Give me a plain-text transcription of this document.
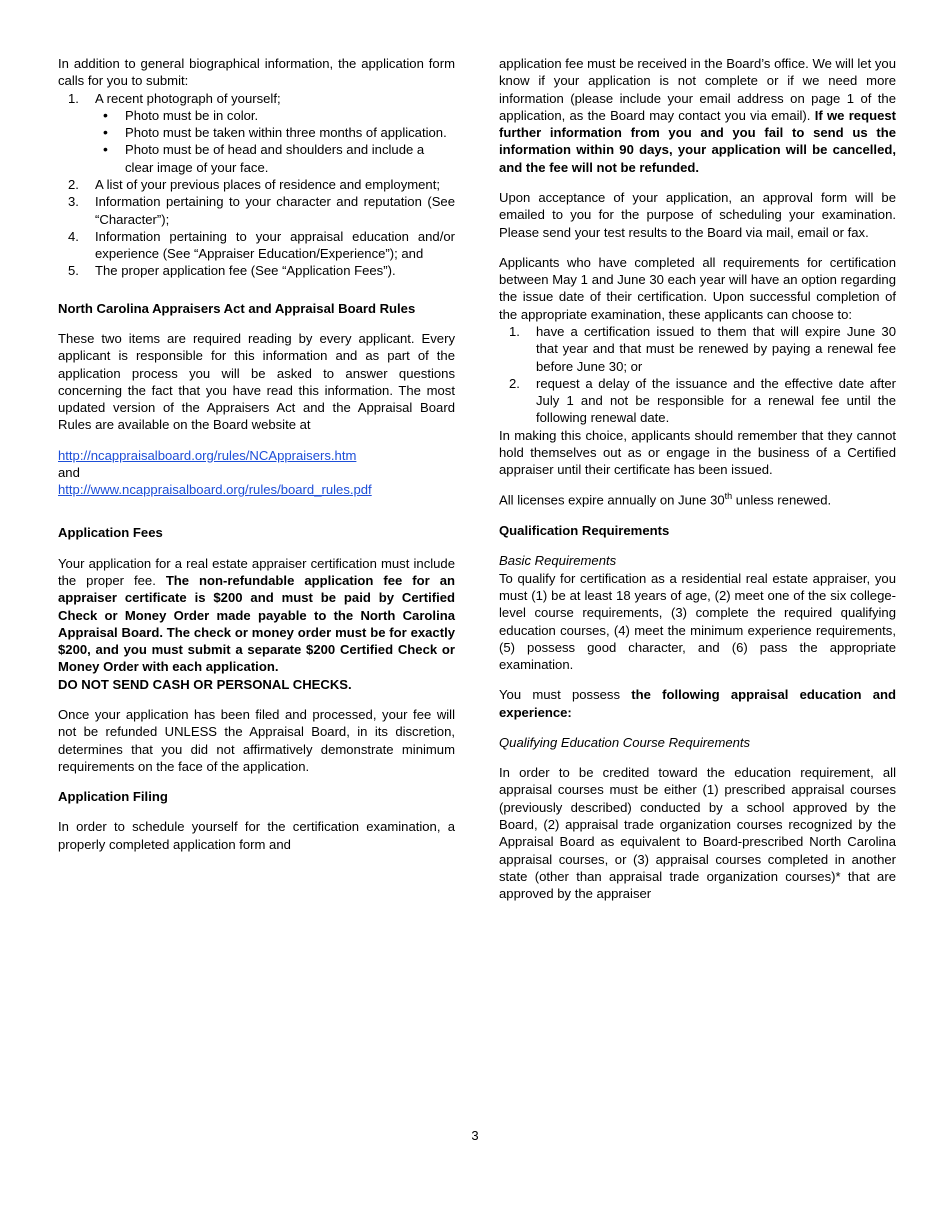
In addition to general biographical information, the application form calls for you to submit:

1.	A recent photograph of yourself;
• Photo must be in color.
• Photo must be taken within three months of application.
• Photo must be of head and shoulders and include a clear image of your face.
2.	A list of your previous places of residence and employment;
3.	Information pertaining to your character and reputation (See “Character”);
4.	Information pertaining to your appraisal education and/or experience (See “Appraiser Education/Experience”); and
5.	The proper application fee (See “Application Fees”).

North Carolina Appraisers Act and Appraisal Board Rules

These two items are required reading by every applicant. Every applicant is responsible for this information and as part of the application process you will be asked to answer questions concerning the fact that you have read this information. The most updated version of the Appraisers Act and the Appraisal Board Rules are available on the Board website at

http://ncappraisalboard.org/rules/NCAppraisers.htm

and

http://www.ncappraisalboard.org/rules/board_rules.pdf

Application Fees

Your application for a real estate appraiser certification must include the proper fee. The non-refundable application fee for an appraiser certificate is $200 and must be paid by Certified Check or Money Order made payable to the North Carolina Appraisal Board. The check or money order must be for exactly $200, and you must submit a separate $200 Certified Check or Money Order with each application.

DO NOT SEND CASH OR PERSONAL CHECKS.

Once your application has been filed and processed, your fee will not be refunded UNLESS the Appraisal Board, in its discretion, determines that you did not affirmatively demonstrate minimum requirements on the face of the application.

Application Filing

In order to schedule yourself for the certification examination, a properly completed application form and

application fee must be received in the Board’s office. We will let you know if your application is not complete or if we need more information (please include your email address on page 1 of the application, as the Board may contact you via email). If we request further information from you and you fail to send us the information within 90 days, your application will be cancelled, and the fee will not be refunded.

Upon acceptance of your application, an approval form will be emailed to you for the purpose of scheduling your examination. Please send your test results to the Board via mail, email or fax.

Applicants who have completed all requirements for certification between May 1 and June 30 each year will have an option regarding the issue date of their certification. Upon successful completion of the appropriate examination, these applicants can choose to:

1.	have a certification issued to them that will expire June 30 that year and that must be renewed by paying a renewal fee before June 30; or
2.	request a delay of the issuance and the effective date after July 1 and not be responsible for a renewal fee until the following renewal date.

In making this choice, applicants should remember that they cannot hold themselves out as or engage in the business of a Certified appraiser until their certificate has been issued.

All licenses expire annually on June 30th unless renewed.

Qualification Requirements

Basic Requirements

To qualify for certification as a residential real estate appraiser, you must (1) be at least 18 years of age, (2) meet one of the six college-level course requirements, (3) complete the required qualifying education courses, (4) meet the minimum experience requirements, (5) possess good character, and (6) pass the appropriate examination.

You must possess the following appraisal education and experience:

Qualifying Education Course Requirements

In order to be credited toward the education requirement, all appraisal courses must be either (1) prescribed appraisal courses (previously described) conducted by a school approved by the Board, (2) appraisal trade organization courses recognized by the Appraisal Board as equivalent to Board-prescribed North Carolina appraisal courses, or (3) appraisal courses completed in another state (other than appraisal trade organization courses)* that are approved by the appraiser

3
